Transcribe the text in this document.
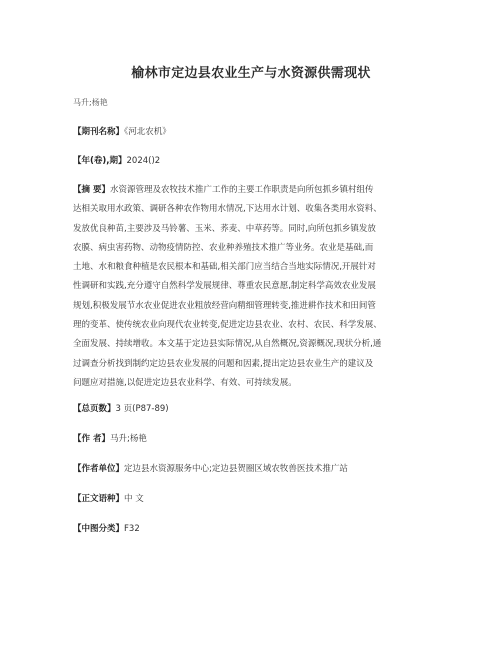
榆林市定边县农业生产与水资源供需现状
马升;杨艳
【期刊名称】《河北农机》
【年(卷),期】2024()2
【摘 要】水资源管理及农牧技术推广工作的主要工作职责是向所包抓乡镇村组传
达相关取用水政策、调研各种农作物用水情况,下达用水计划、收集各类用水资料、
发放优良种苗,主要涉及马铃薯、玉米、荞麦、中草药等。同时,向所包抓乡镇发放
农膜、病虫害药物、动物疫情防控、农业种养殖技术推广等业务。农业是基础,而
土地、水和粮食种植是农民根本和基础,相关部门应当结合当地实际情况,开展针对
性调研和实践,充分遵守自然科学发展规律、尊重农民意愿,制定科学高效农业发展
规划,积极发展节水农业促进农业粗放经营向精细管理转变,推进耕作技术和田间管
理的变革、使传统农业向现代农业转变,促进定边县农业、农村、农民、科学发展、
全面发展、持续增收。本文基于定边县实际情况,从自然概况,资源概况,现状分析,通
过调查分析找到制约定边县农业发展的问题和因素,提出定边县农业生产的建议及
问题应对措施,以促进定边县农业科学、有效、可持续发展。
【总页数】3 页(P87-89)
【作 者】马升;杨艳
【作者单位】定边县水资源服务中心;定边县贺圈区域农牧兽医技术推广站
【正文语种】中 文
【中图分类】F32
